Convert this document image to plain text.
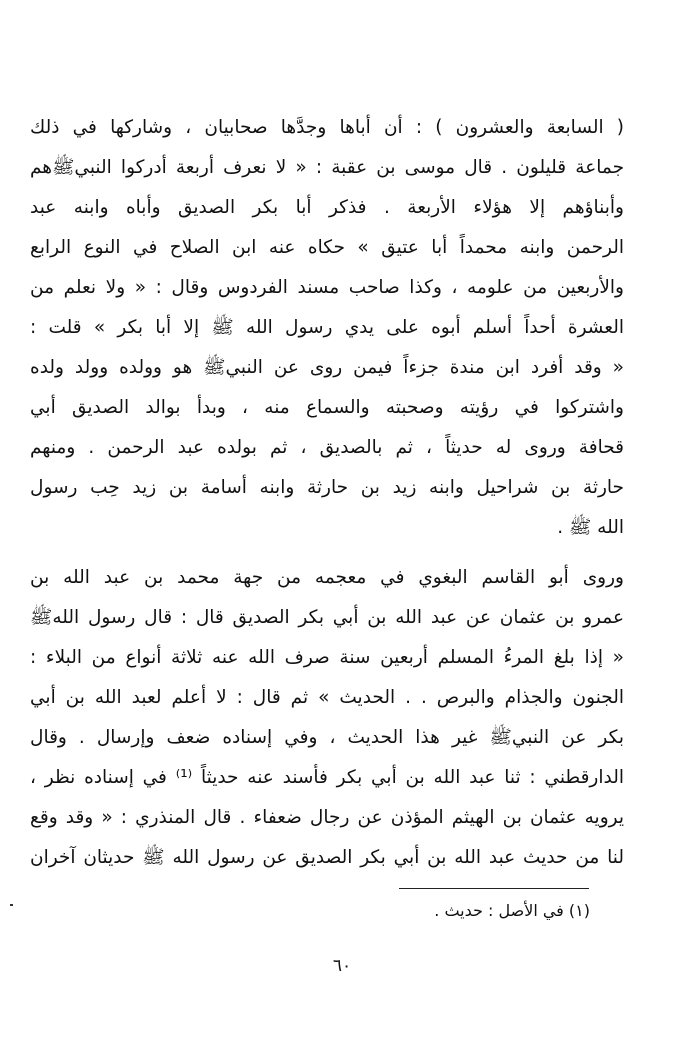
( السابعة والعشرون ) : أن أباها وجدَّها صحابيان ، وشاركها في ذلك
جماعة قليلون . قال موسى بن عقبة : « لا نعرف أربعة أدركوا النبيﷺهم
وأبناؤهم إلا هؤلاء الأربعة . فذكر أبا بكر الصديق وأباه وابنه عبد
الرحمن وابنه محمداً أبا عتيق » حكاه عنه ابن الصلاح في النوع الرابع
والأربعين من علومه ، وكذا صاحب مسند الفردوس وقال : « ولا نعلم من
العشرة أحداً أسلم أبوه على يدي رسول الله ﷺ إلا أبا بكر » قلت :
« وقد أفرد ابن مندة جزءاً فيمن روى عن النبيﷺ هو وولده وولد ولده
واشتركوا في رؤيته وصحبته والسماع منه ، وبدأ بوالد الصديق أبي
قحافة وروى له حديثاً ، ثم بالصديق ، ثم بولده عبد الرحمن . ومنهم
حارثة بن شراحيل وابنه زيد بن حارثة وابنه أسامة بن زيد حِب رسول
الله ﷺ .

وروى أبو القاسم البغوي في معجمه من جهة محمد بن عبد الله بن
عمرو بن عثمان عن عبد الله بن أبي بكر الصديق قال : قال رسول اللهﷺ
« إذا بلغ المرءُ المسلم أربعين سنة صرف الله عنه ثلاثة أنواع من البلاء :
الجنون والجذام والبرص . . الحديث » ثم قال : لا أعلم لعبد الله بن أبي
بكر عن النبيﷺ غير هذا الحديث ، وفي إسناده ضعف وإرسال . وقال
الدارقطني : ثنا عبد الله بن أبي بكر فأسند عنه حديثاً ⁽¹⁾ في إسناده نظر ،
يرويه عثمان بن الهيثم المؤذن عن رجال ضعفاء . قال المنذري : « وقد وقع
لنا من حديث عبد الله بن أبي بكر الصديق عن رسول الله ﷺ حديثان آخران

(١) في الأصل : حديث .
٦٠
